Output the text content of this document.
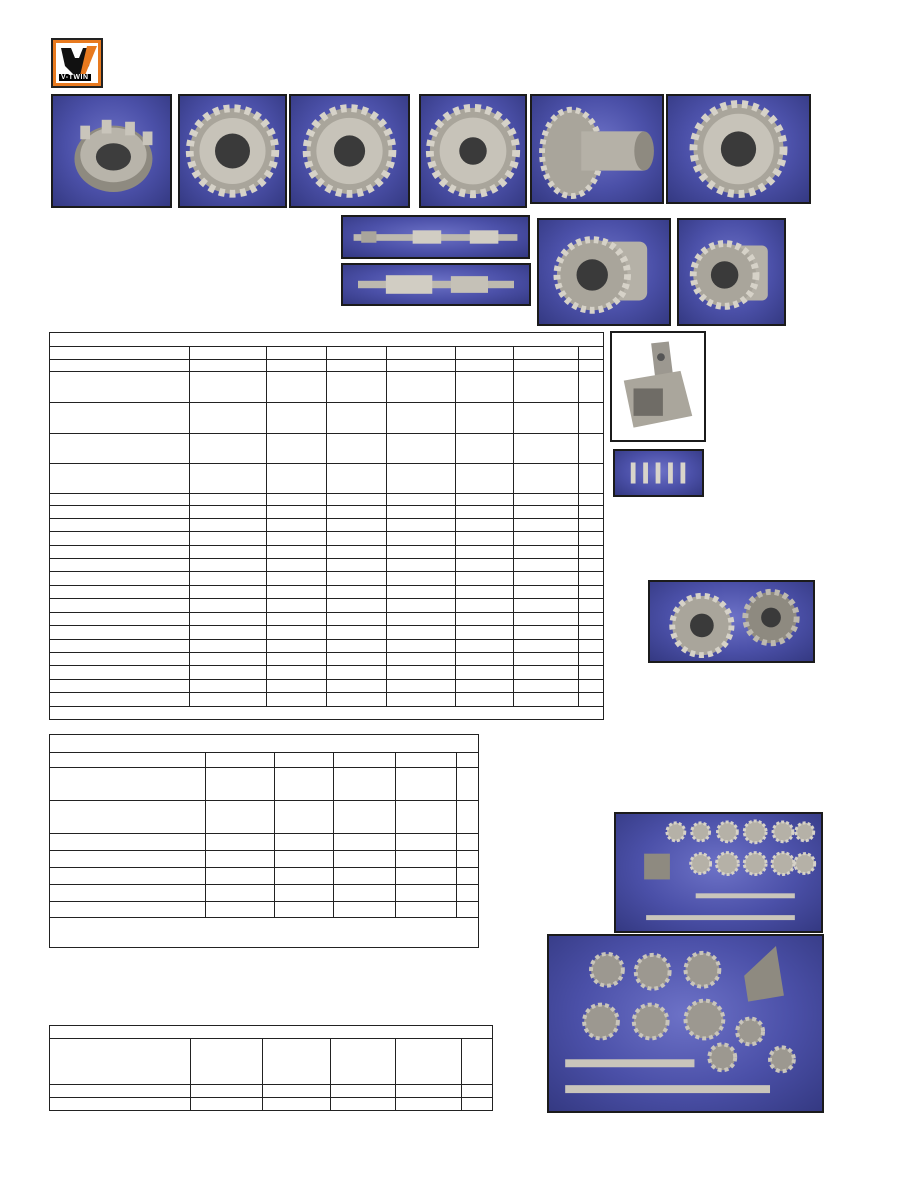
V-TWIN
